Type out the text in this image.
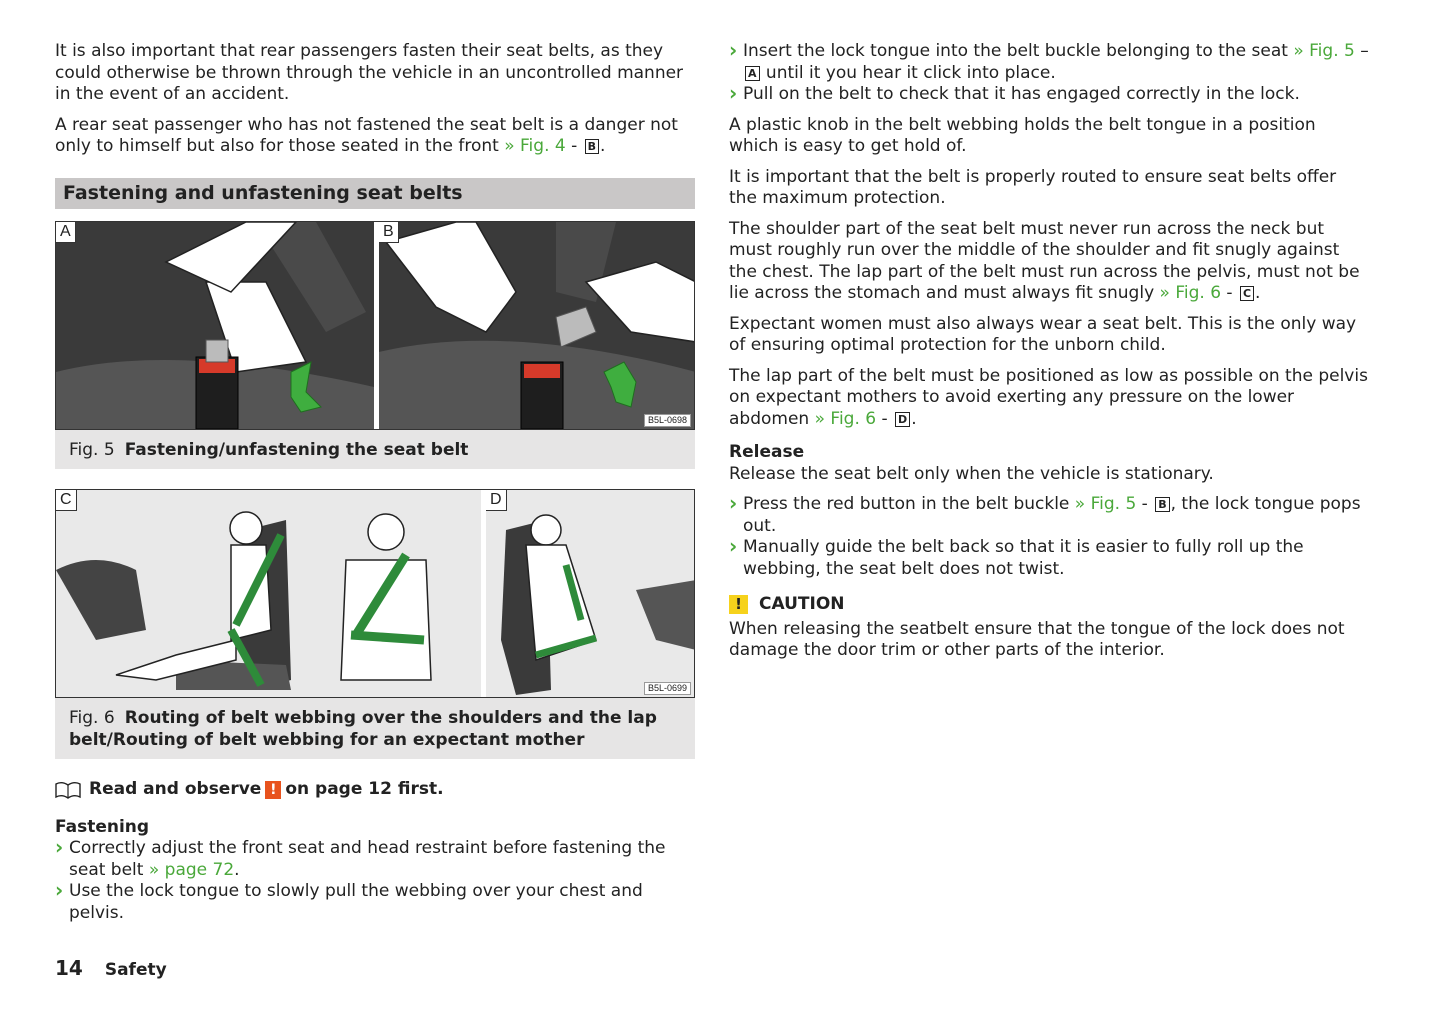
It is also important that rear passengers fasten their seat belts, as they could otherwise be thrown through the vehicle in an uncontrolled manner in the event of an accident.

A rear seat passenger who has not fastened the seat belt is a danger not only to himself but also for those seated in the front » Fig. 4 - B .

Fastening and unfastening seat belts
A	B
B5L-0698
Fig. 5 Fastening/unfastening the seat belt
C	D
B5L-0699
Fig. 6 Routing of belt webbing over the shoulders and the lap belt/Routing of belt webbing for an expectant mother
Read and observe ! on page 12 first.
Fastening
› Correctly adjust the front seat and head restraint before fastening the seat belt » page 72.
› Use the lock tongue to slowly pull the webbing over your chest and pelvis.
› Insert the lock tongue into the belt buckle belonging to the seat » Fig. 5 – A until it you hear it click into place.
› Pull on the belt to check that it has engaged correctly in the lock.

A plastic knob in the belt webbing holds the belt tongue in a position which is easy to get hold of.

It is important that the belt is properly routed to ensure seat belts offer the maximum protection.

The shoulder part of the seat belt must never run across the neck but must roughly run over the middle of the shoulder and fit snugly against the chest. The lap part of the belt must run across the pelvis, must not be lie across the stomach and must always fit snugly » Fig. 6 - C .

Expectant women must also always wear a seat belt. This is the only way of ensuring optimal protection for the unborn child.

The lap part of the belt must be positioned as low as possible on the pelvis on expectant mothers to avoid exerting any pressure on the lower abdomen » Fig. 6 - D .

Release

Release the seat belt only when the vehicle is stationary.

› Press the red button in the belt buckle » Fig. 5 - B , the lock tongue pops out.
› Manually guide the belt back so that it is easier to fully roll up the webbing, the seat belt does not twist.
!	CAUTION

When releasing the seatbelt ensure that the tongue of the lock does not damage the door trim or other parts of the interior.

14 Safety
